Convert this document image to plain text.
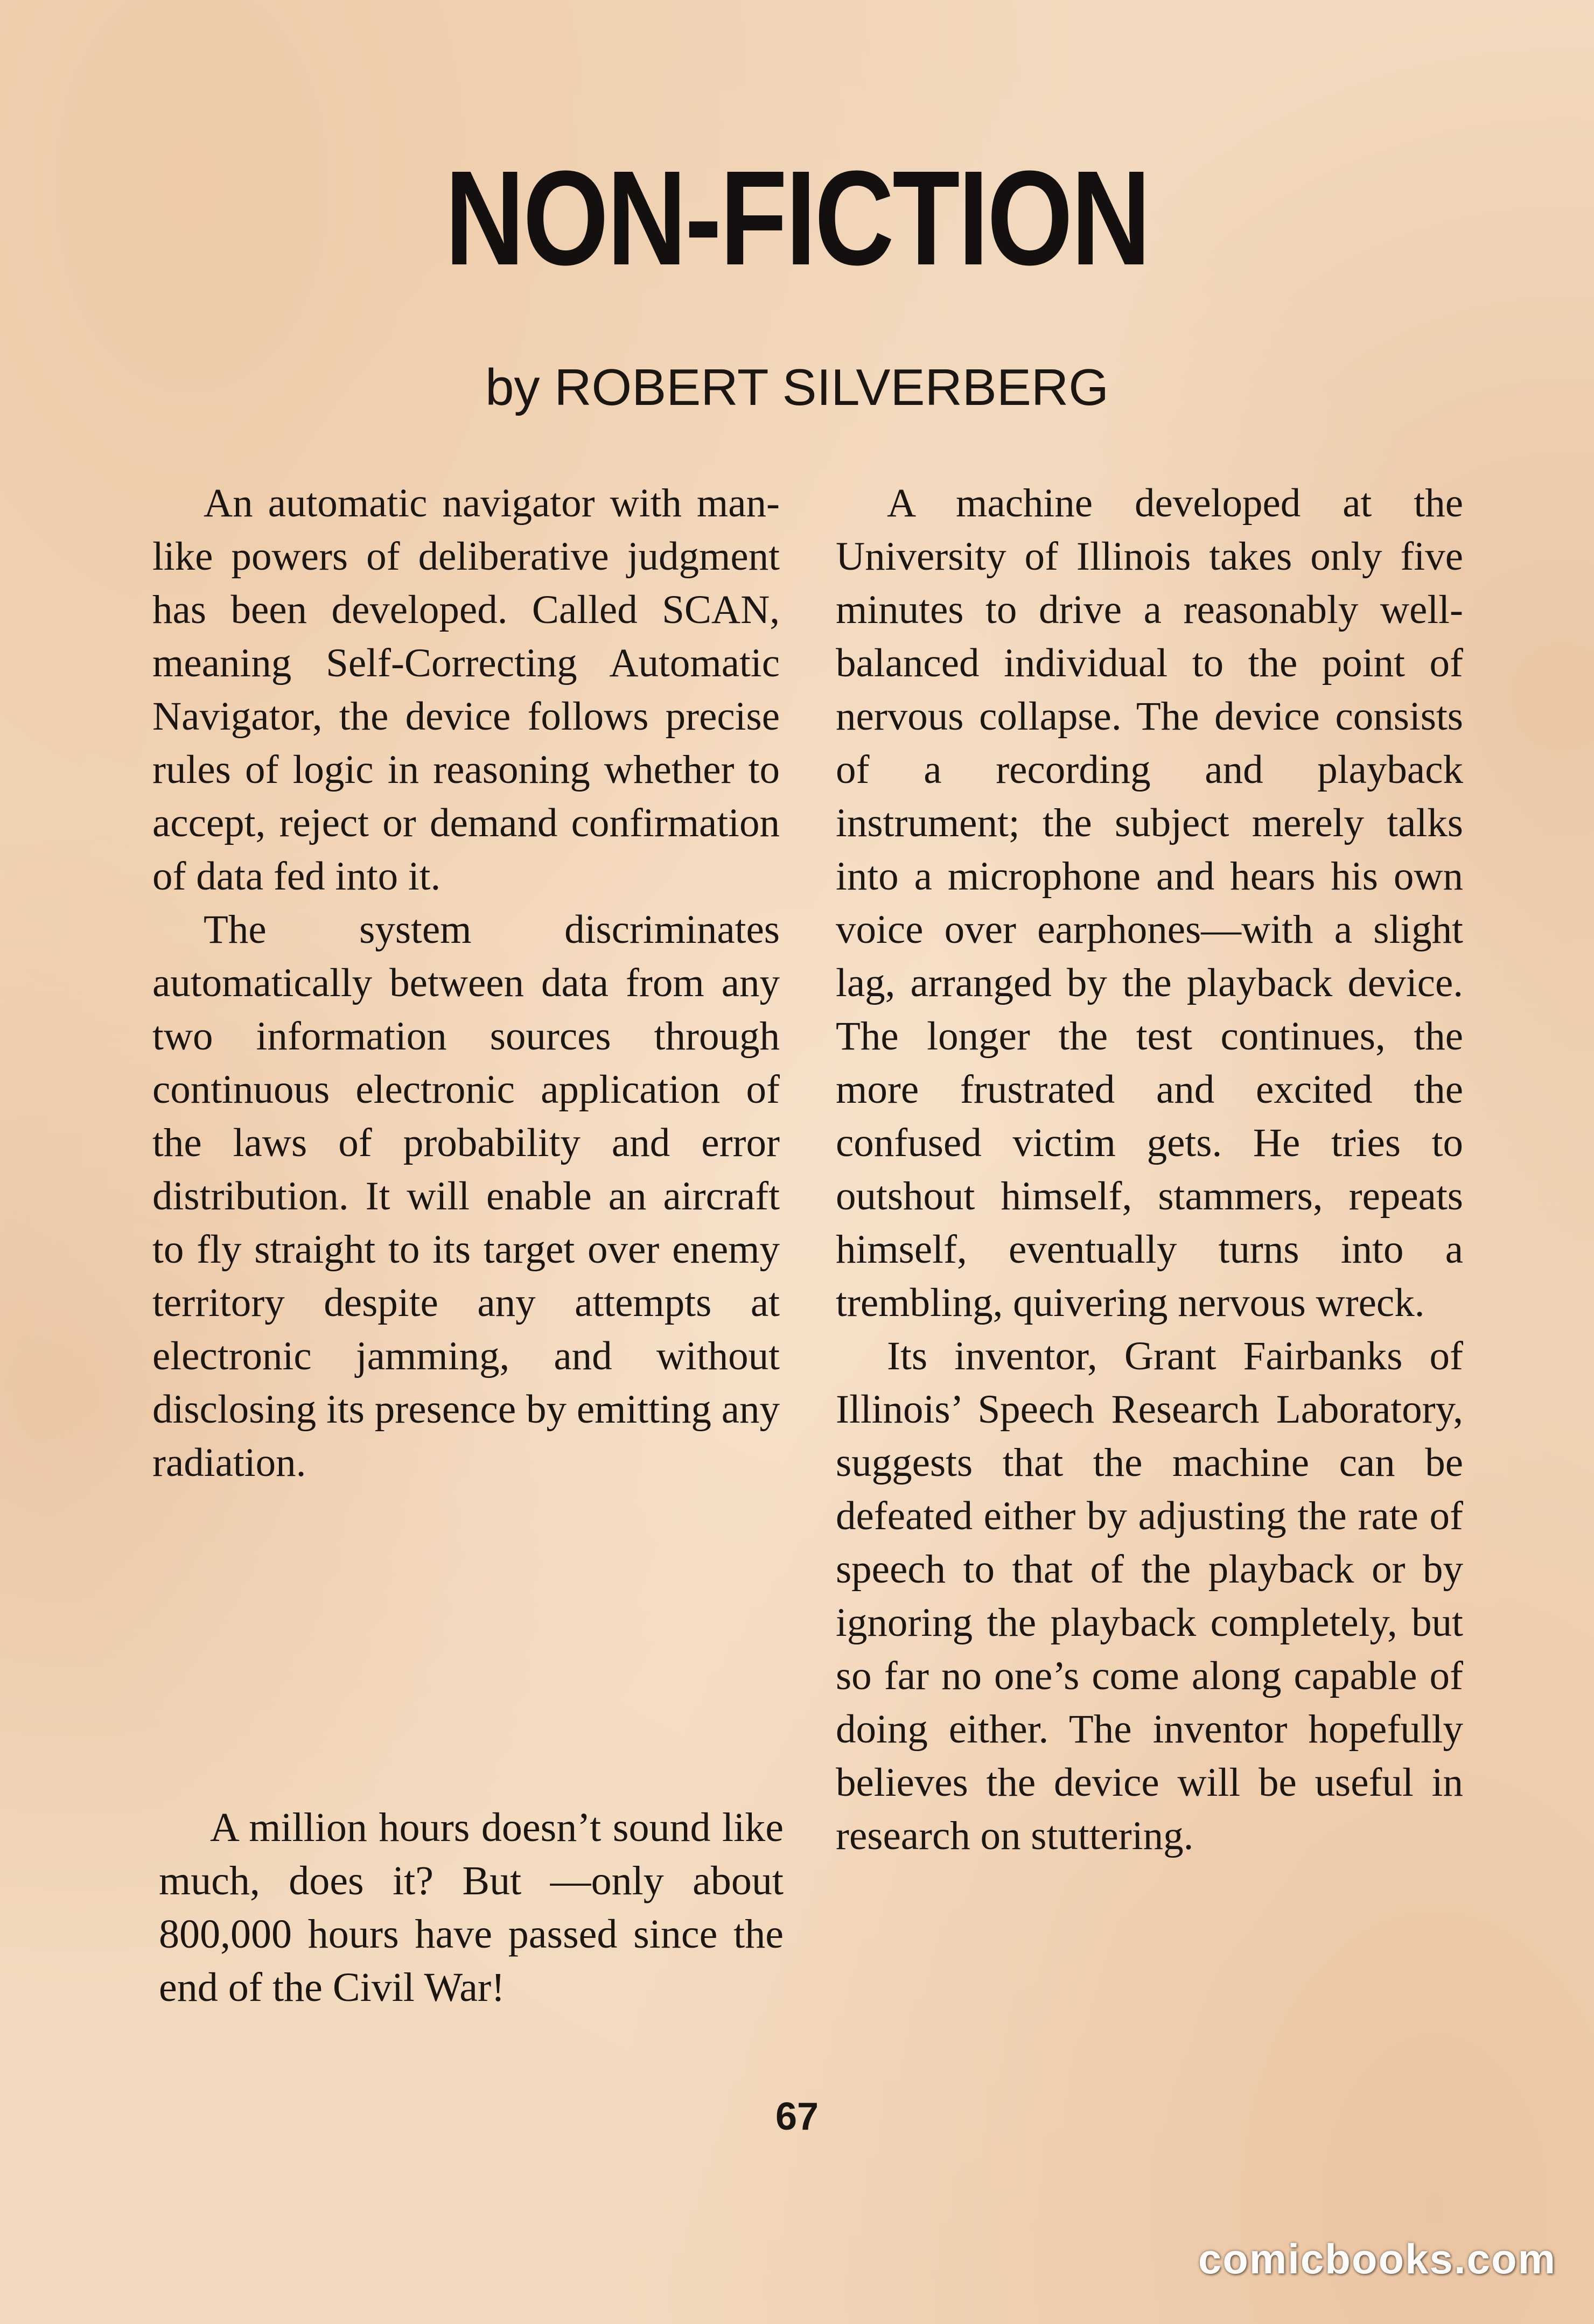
NON-FICTION
by ROBERT SILVERBERG

An automatic navigator with man-like powers of deliberative judgment has been developed. Called SCAN, meaning Self-Correcting Automatic Navigator, the device follows precise rules of logic in reasoning whether to accept, reject or demand confirmation of data fed into it.

The system discriminates automatically between data from any two information sources through continuous electronic application of the laws of probability and error distribution. It will enable an aircraft to fly straight to its target over enemy territory despite any attempts at electronic jamming, and without disclosing its presence by emitting any radiation.

A million hours doesn’t sound like much, does it? But —only about 800,000 hours have passed since the end of the Civil War!

A machine developed at the University of Illinois takes only five minutes to drive a reasonably well-balanced individual to the point of nervous collapse. The device consists of a recording and playback instrument; the subject merely talks into a microphone and hears his own voice over earphones—with a slight lag, arranged by the playback device. The longer the test continues, the more frustrated and excited the confused victim gets. He tries to outshout himself, stammers, repeats himself, eventually turns into a trembling, quivering nervous wreck.

Its inventor, Grant Fairbanks of Illinois’ Speech Research Laboratory, suggests that the machine can be defeated either by adjusting the rate of speech to that of the playback or by ignoring the playback completely, but so far no one’s come along capable of doing either. The inventor hopefully believes the device will be useful in research on stuttering.

67
comicbooks.com
